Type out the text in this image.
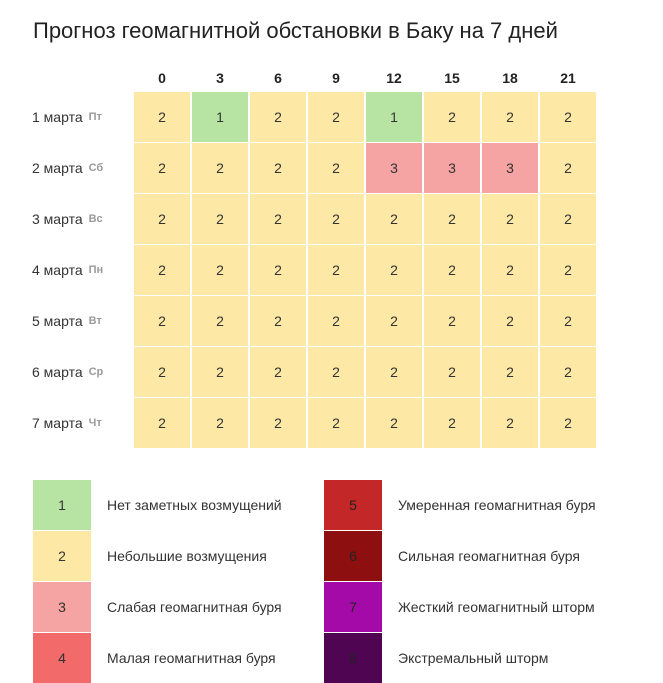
Прогноз геомагнитной обстановки в Баку на 7 дней
0	3	6	9	12	15	18	21
1 марта Пт	2	1	2	2	1	2	2	2
2 марта Сб	2	2	2	2	3	3	3	2
3 марта Вс	2	2	2	2	2	2	2	2
4 марта Пн	2	2	2	2	2	2	2	2
5 марта Вт	2	2	2	2	2	2	2	2
6 марта Ср	2	2	2	2	2	2	2	2
7 марта Чт	2	2	2	2	2	2	2	2
1	Нет заметных возмущений
2	Небольшие возмущения
3	Слабая геомагнитная буря
4	Малая геомагнитная буря
5	Умеренная геомагнитная буря
6	Сильная геомагнитная буря
7	Жесткий геомагнитный шторм
8	Экстремальный шторм
